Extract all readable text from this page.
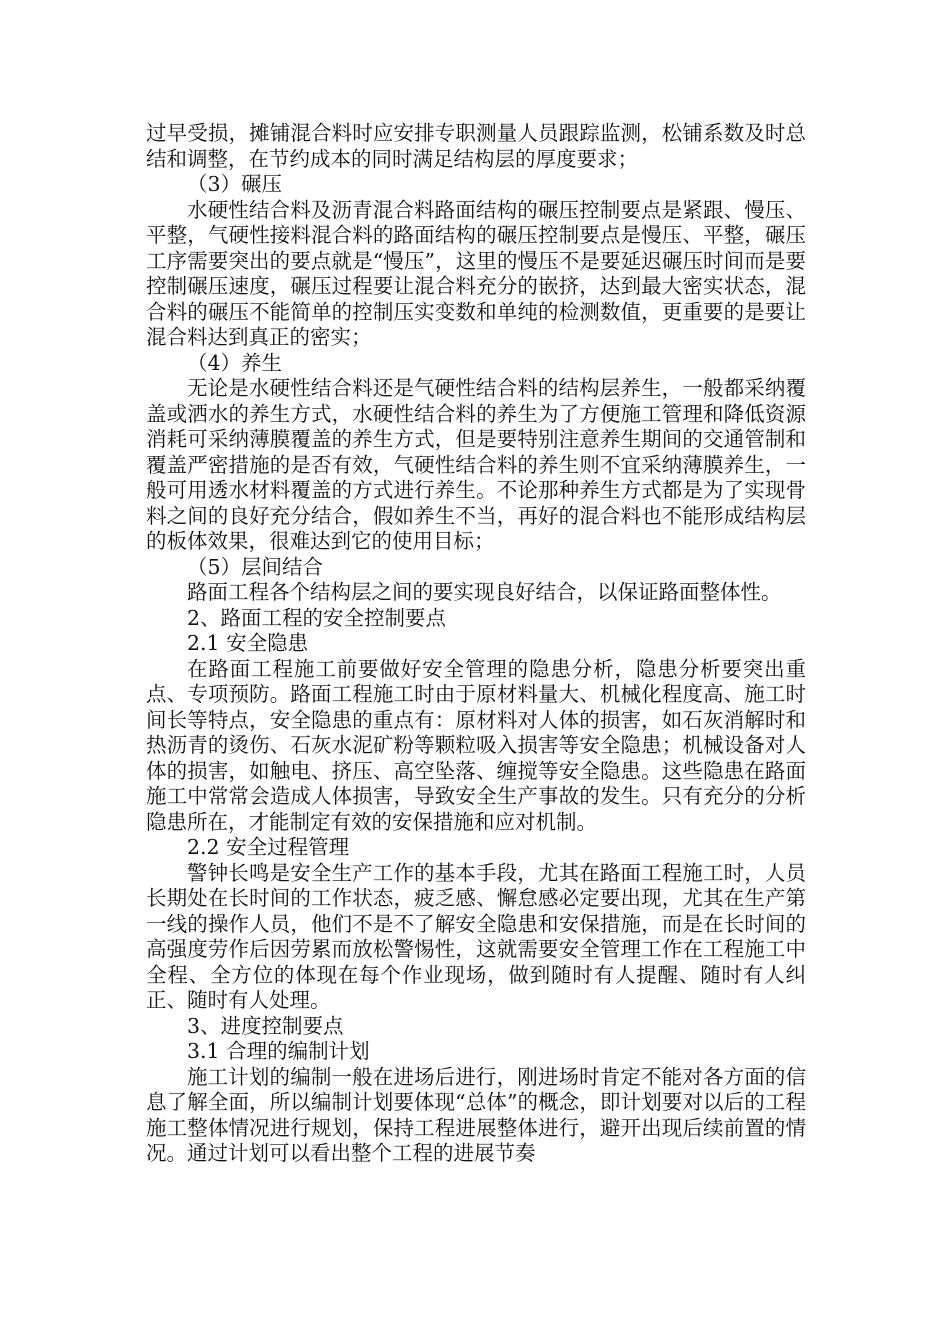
过早受损，摊铺混合料时应安排专职测量人员跟踪监测，松铺系数及时总结和调整，在节约成本的同时满足结构层的厚度要求；

（3）碾压

水硬性结合料及沥青混合料路面结构的碾压控制要点是紧跟、慢压、平整，气硬性接料混合料的路面结构的碾压控制要点是慢压、平整，碾压工序需要突出的要点就是“慢压”，这里的慢压不是要延迟碾压时间而是要控制碾压速度，碾压过程要让混合料充分的嵌挤，达到最大密实状态，混合料的碾压不能简单的控制压实变数和单纯的检测数值，更重要的是要让混合料达到真正的密实；

（4）养生

无论是水硬性结合料还是气硬性结合料的结构层养生，一般都采纳覆盖或洒水的养生方式，水硬性结合料的养生为了方便施工管理和降低资源消耗可采纳薄膜覆盖的养生方式，但是要特别注意养生期间的交通管制和覆盖严密措施的是否有效，气硬性结合料的养生则不宜采纳薄膜养生，一般可用透水材料覆盖的方式进行养生。不论那种养生方式都是为了实现骨料之间的良好充分结合，假如养生不当，再好的混合料也不能形成结构层的板体效果，很难达到它的使用目标；

（5）层间结合

路面工程各个结构层之间的要实现良好结合，以保证路面整体性。

2、路面工程的安全控制要点

2.1 安全隐患

在路面工程施工前要做好安全管理的隐患分析，隐患分析要突出重点、专项预防。路面工程施工时由于原材料量大、机械化程度高、施工时间长等特点，安全隐患的重点有：原材料对人体的损害，如石灰消解时和热沥青的烫伤、石灰水泥矿粉等颗粒吸入损害等安全隐患；机械设备对人体的损害，如触电、挤压、高空坠落、缠搅等安全隐患。这些隐患在路面施工中常常会造成人体损害，导致安全生产事故的发生。只有充分的分析隐患所在，才能制定有效的安保措施和应对机制。

2.2 安全过程管理

警钟长鸣是安全生产工作的基本手段，尤其在路面工程施工时，人员长期处在长时间的工作状态，疲乏感、懈怠感必定要出现，尤其在生产第一线的操作人员，他们不是不了解安全隐患和安保措施，而是在长时间的高强度劳作后因劳累而放松警惕性，这就需要安全管理工作在工程施工中全程、全方位的体现在每个作业现场，做到随时有人提醒、随时有人纠正、随时有人处理。

3、进度控制要点

3.1 合理的编制计划

施工计划的编制一般在进场后进行，刚进场时肯定不能对各方面的信息了解全面，所以编制计划要体现“总体”的概念，即计划要对以后的工程施工整体情况进行规划，保持工程进展整体进行，避开出现后续前置的情况。通过计划可以看出整个工程的进展节奏
